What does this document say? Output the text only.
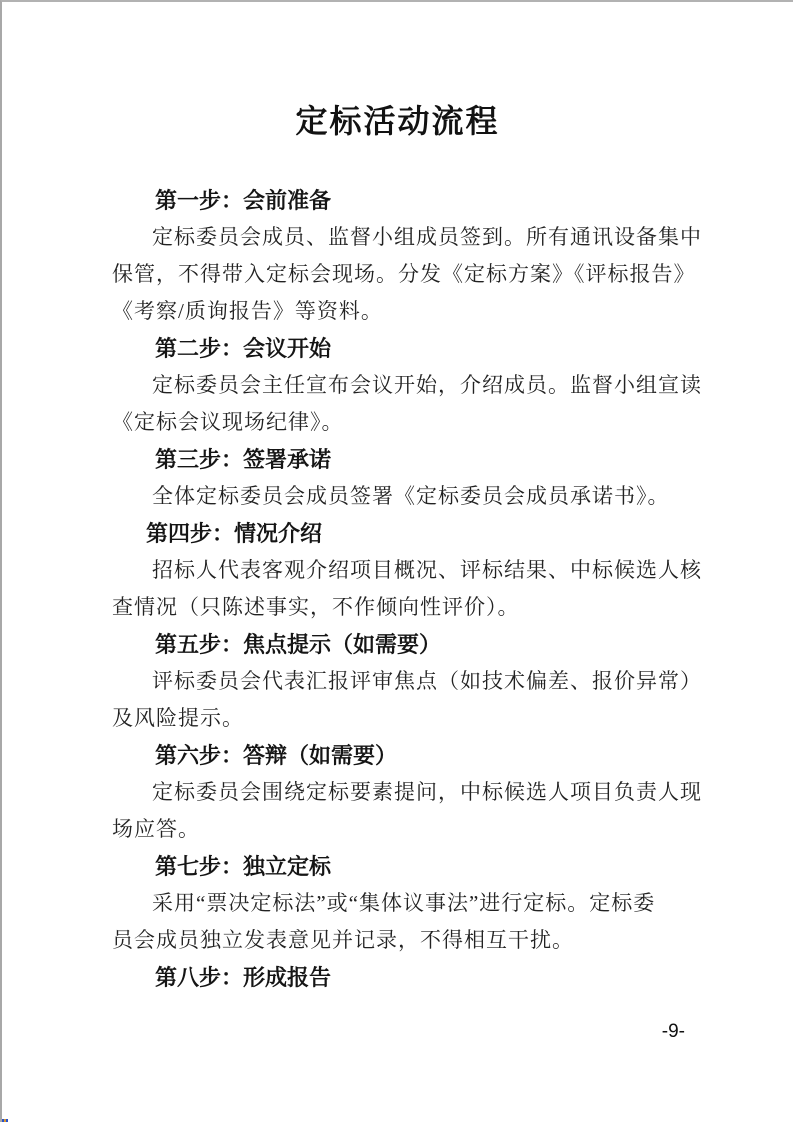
定标活动流程
第一步：会前准备
定标委员会成员、监督小组成员签到。所有通讯设备集中
保管，不得带入定标会现场。分发《定标方案》《评标报告》
《考察/质询报告》等资料。
第二步：会议开始
定标委员会主任宣布会议开始，介绍成员。监督小组宣读
《定标会议现场纪律》。
第三步：签署承诺
全体定标委员会成员签署《定标委员会成员承诺书》。
第四步：情况介绍
招标人代表客观介绍项目概况、评标结果、中标候选人核
查情况（只陈述事实，不作倾向性评价）。
第五步：焦点提示（如需要）
评标委员会代表汇报评审焦点（如技术偏差、报价异常）
及风险提示。
第六步：答辩（如需要）
定标委员会围绕定标要素提问，中标候选人项目负责人现
场应答。
第七步：独立定标
采用“票决定标法”或“集体议事法”进行定标。定标委
员会成员独立发表意见并记录，不得相互干扰。
第八步：形成报告
-9-
